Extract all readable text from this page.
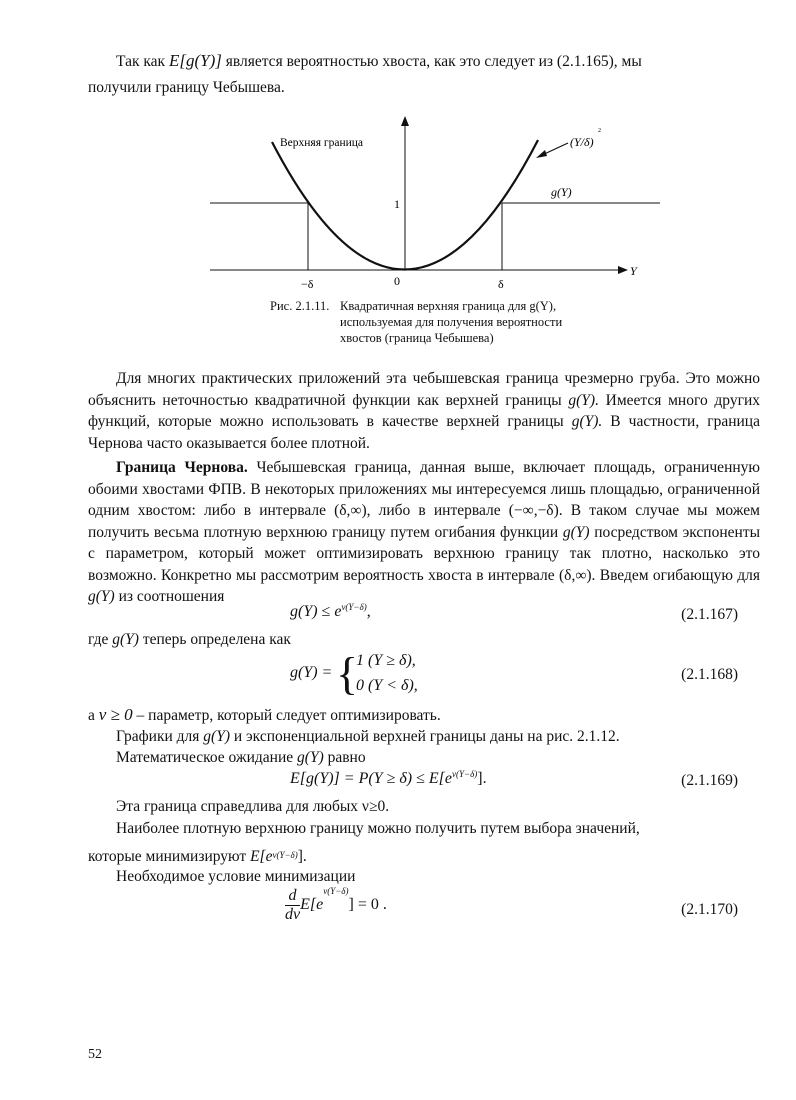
Так как E[g(Y)] является вероятностью хвоста, как это следует из (2.1.165), мы
получили границу Чебышева.
Верхняя граница	(Y/δ)
2
g(Y)
1
−δ	0	δ
Y
Рис. 2.1.11. Квадратичная верхняя граница для g(Y),
используемая для получения вероятности
хвостов (граница Чебышева)
Для многих практических приложений эта чебышевская граница чрезмерно груба. Это можно объяснить неточностью квадратичной функции как верхней границы g(Y). Имеется много других функций, которые можно использовать в качестве верхней границы g(Y). В частности, граница Чернова часто оказывается более плотной.
Граница Чернова. Чебышевская граница, данная выше, включает площадь, ограниченную обоими хвостами ФПВ. В некоторых приложениях мы интересуемся лишь площадью, ограниченной одним хвостом: либо в интервале (δ,∞), либо в интервале (−∞,−δ). В таком случае мы можем получить весьма плотную верхнюю границу путем огибания функции g(Y) посредством экспоненты с параметром, который может оптимизировать верхнюю границу так плотно, насколько это возможно. Конкретно мы рассмотрим вероятность хвоста в интервале (δ,∞). Введем огибающую для g(Y) из соотношения
$g(Y) \le e^{\nu(Y-\delta)}$,	(2.1.167)
где g(Y) теперь определена как
g(Y) = {
1 (Y ≥ δ),
0 (Y < δ),
(2.1.168)
а ν ≥ 0 – параметр, который следует оптимизировать.
Графики для g(Y) и экспоненциальной верхней границы даны на рис. 2.1.12.
Математическое ожидание g(Y) равно
$E[g(Y)] = P(Y \ge \delta) \le E[e^{\nu(Y-\delta)}]$.	(2.1.169)
Эта граница справедлива для любых ν≥0.
Наиболее плотную верхнюю границу можно получить путем выбора значений,
которые минимизируют $E[e^{\nu(Y-\delta)}]$.
Необходимое условие минимизации
$\frac{d}{d\nu} E[e^{\nu(Y-\delta)}] = 0$ .	(2.1.170)
52
